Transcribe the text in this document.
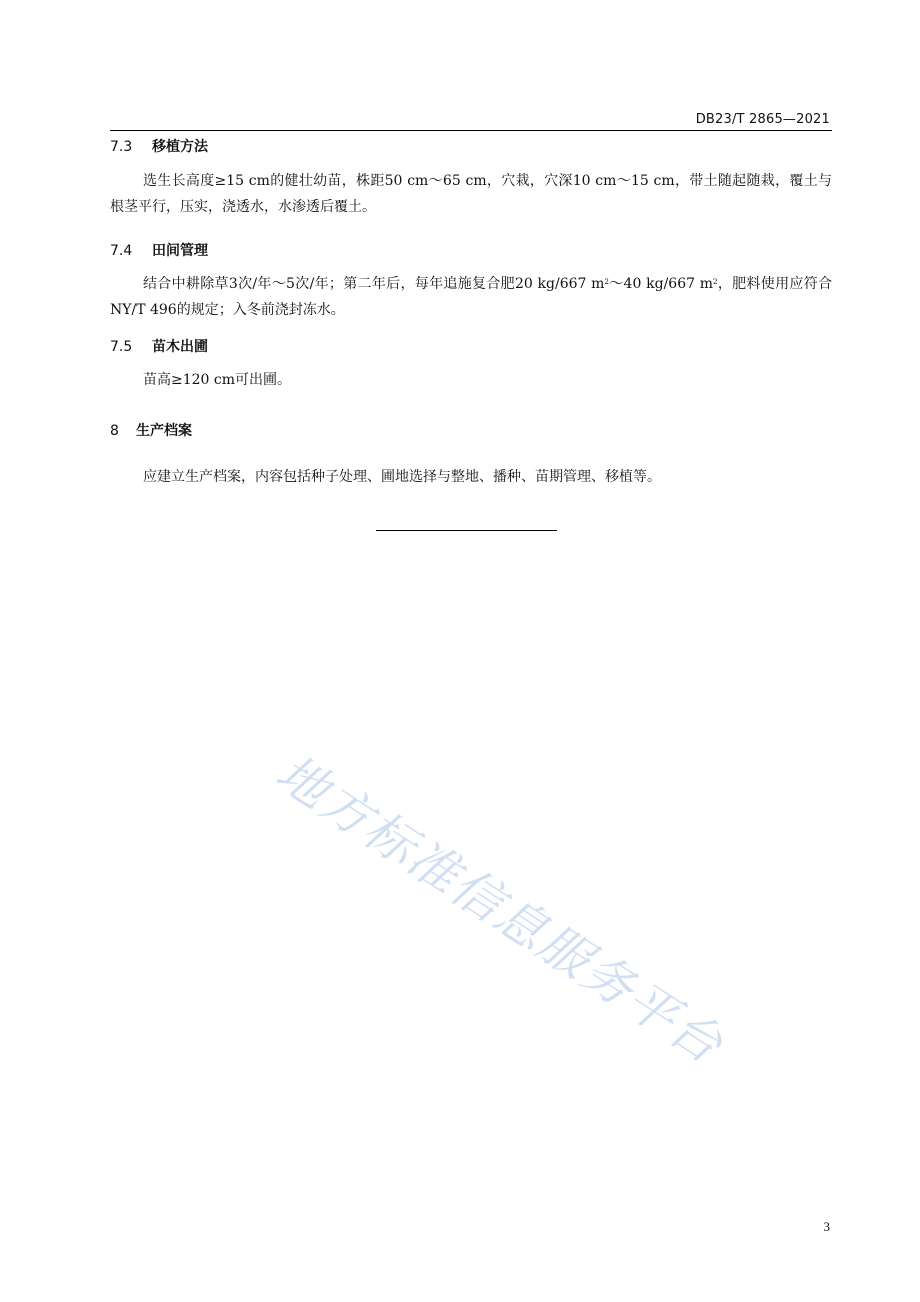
DB23/T 2865—2021
7.3 移植方法
选生长高度≥15 cm的健壮幼苗，株距50 cm～65 cm，穴栽，穴深10 cm～15 cm，带土随起随栽，覆土与根茎平行，压实，浇透水，水渗透后覆土。
7.4 田间管理
结合中耕除草3次/年～5次/年；第二年后，每年追施复合肥20 kg/667 $m^2\sim 40$ kg/667 $m^2$，肥料使用应符合NY/T 496的规定；入冬前浇封冻水。
7.5 苗木出圃
苗高≥120 cm可出圃。
8 生产档案
应建立生产档案，内容包括种子处理、圃地选择与整地、播种、苗期管理、移植等。
地方标准信息服务平台
3
